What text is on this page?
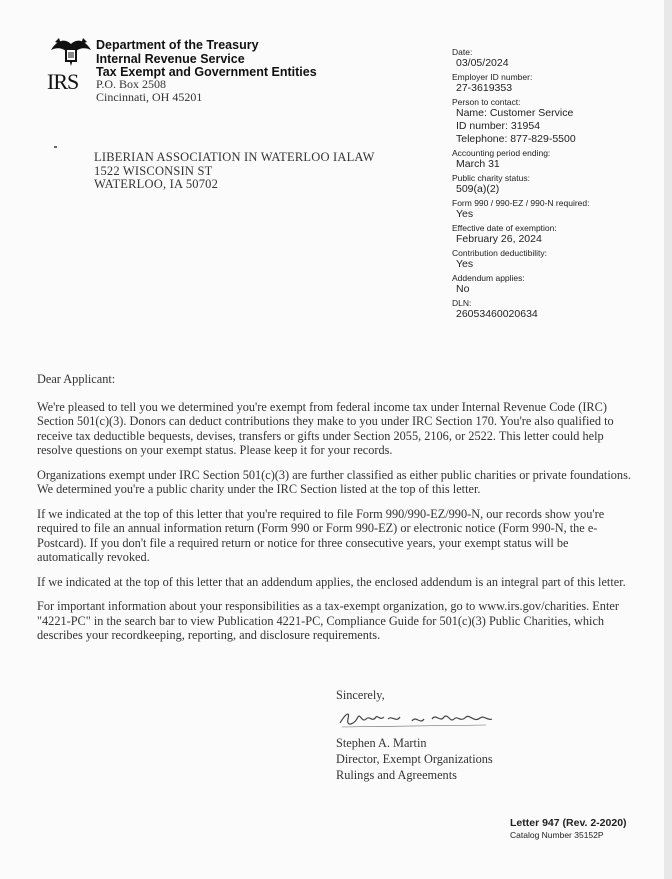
IRS
Department of the Treasury
Internal Revenue Service
Tax Exempt and Government Entities
P.O. Box 2508
Cincinnati, OH 45201
LIBERIAN ASSOCIATION IN WATERLOO IALAW
1522 WISCONSIN ST
WATERLOO, IA 50702
Date:
03/05/2024
Employer ID number:
27-3619353
Person to contact:
Name: Customer Service
ID number: 31954
Telephone: 877-829-5500
Accounting period ending:
March 31
Public charity status:
509(a)(2)
Form 990 / 990-EZ / 990-N required:
Yes
Effective date of exemption:
February 26, 2024
Contribution deductibility:
Yes
Addendum applies:
No
DLN:
26053460020634

Dear Applicant:

We're pleased to tell you we determined you're exempt from federal income tax under Internal Revenue Code (IRC) Section 501(c)(3). Donors can deduct contributions they make to you under IRC Section 170. You're also qualified to receive tax deductible bequests, devises, transfers or gifts under Section 2055, 2106, or 2522. This letter could help resolve questions on your exempt status. Please keep it for your records.

Organizations exempt under IRC Section 501(c)(3) are further classified as either public charities or private foundations. We determined you're a public charity under the IRC Section listed at the top of this letter.

If we indicated at the top of this letter that you're required to file Form 990/990-EZ/990-N, our records show you're required to file an annual information return (Form 990 or Form 990-EZ) or electronic notice (Form 990-N, the e-Postcard). If you don't file a required return or notice for three consecutive years, your exempt status will be automatically revoked.

If we indicated at the top of this letter that an addendum applies, the enclosed addendum is an integral part of this letter.

For important information about your responsibilities as a tax-exempt organization, go to www.irs.gov/charities. Enter "4221-PC" in the search bar to view Publication 4221-PC, Compliance Guide for 501(c)(3) Public Charities, which describes your recordkeeping, reporting, and disclosure requirements.

Sincerely,
Stephen A. Martin
Director, Exempt Organizations
Rulings and Agreements
Letter 947 (Rev. 2-2020)
Catalog Number 35152P
